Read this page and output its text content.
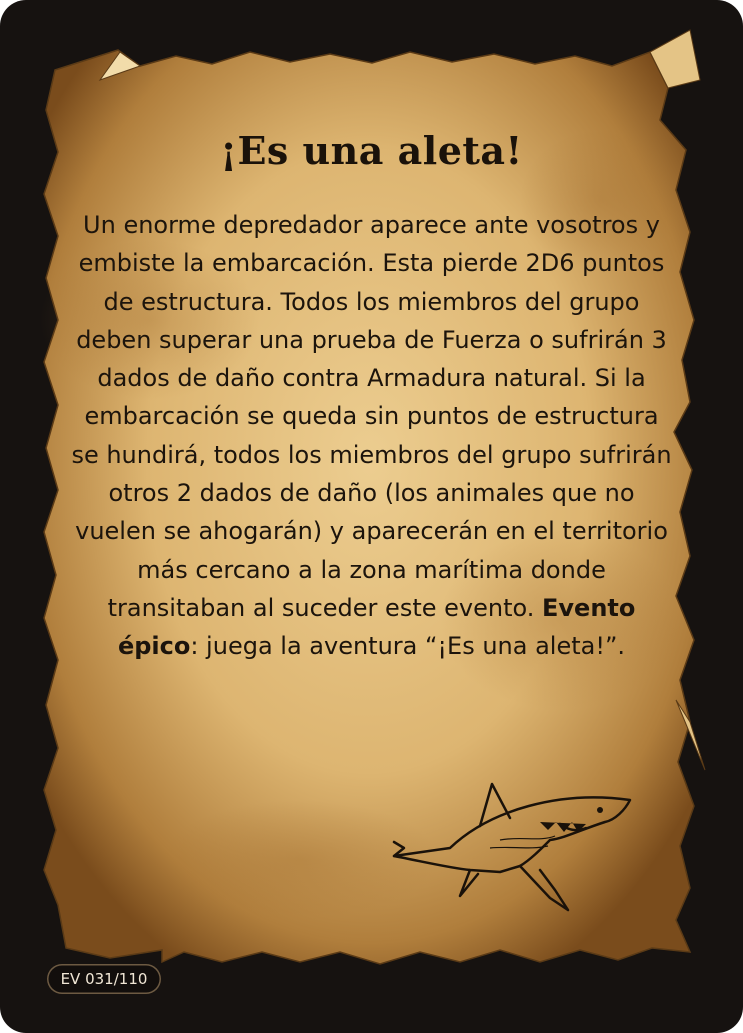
¡Es una aleta!

Un enorme depredador aparece ante vosotros y embiste la embarcación. Esta pierde 2D6 puntos de estructura. Todos los miembros del grupo deben superar una prueba de Fuerza o sufrirán 3 dados de daño contra Armadura natural. Si la embarcación se queda sin puntos de estructura se hundirá, todos los miembros del grupo sufrirán otros 2 dados de daño (los animales que no vuelen se ahogarán) y aparecerán en el territorio más cercano a la zona marítima donde transitaban al suceder este evento. Evento épico: juega la aventura “¡Es una aleta!”.

EV 031/110
